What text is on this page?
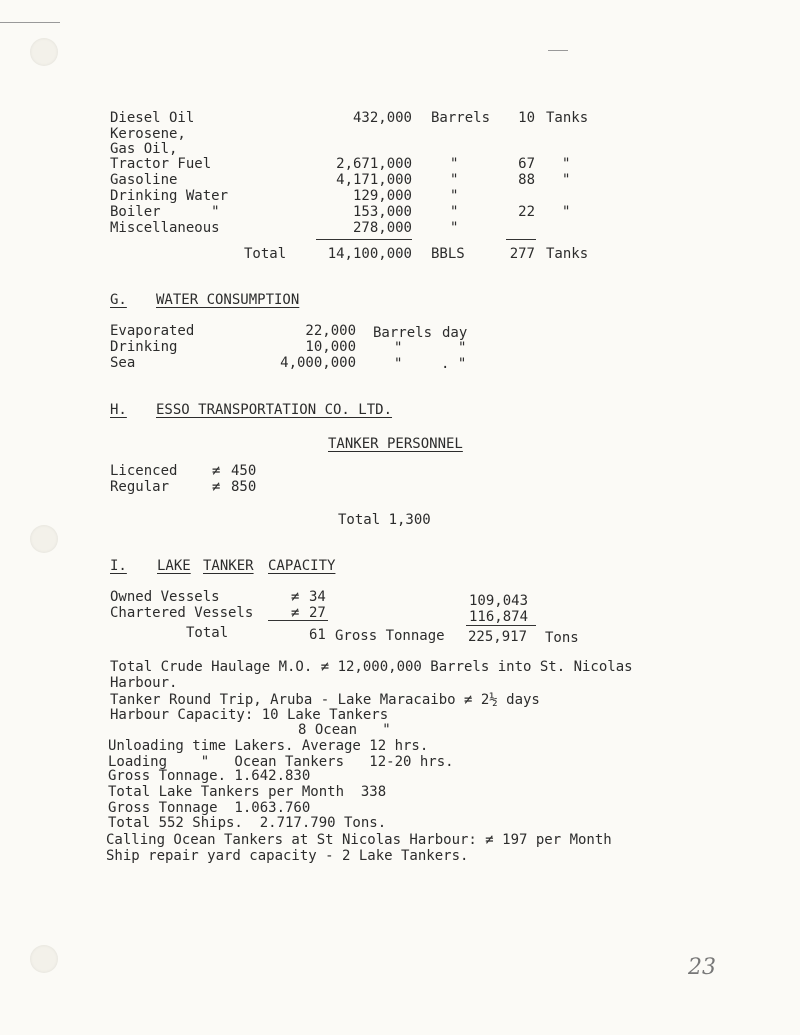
Diesel Oil	432,000 Barrels	10 Tanks
Kerosene,
Gas Oil,
Tractor Fuel	2,671,000	"	67 "
Gasoline	4,171,000	"	88 "
Drinking Water	129,000	"
Boiler      "	153,000	"	22 "
Miscellaneous	278,000	"
Total	14,100,000 BBLS	277 Tanks
G. WATER CONSUMPTION
Evaporated	22,000 Barrels day
Drinking	10,000	"	"
Sea	4,000,000	"	. "
H. ESSO TRANSPORTATION CO. LTD.
TANKER PERSONNEL
Licenced ≠ 450
Regular	≠ 850
Total 1,300
I. LAKE TANKER CAPACITY
Owned Vessels	≠ 34	109,043
Chartered Vessels	≠ 27	116,874
Total	61 Gross Tonnage 225,917 Tons
Total Crude Haulage M.O. ≠ 12,000,000 Barrels into St. Nicolas
Harbour.
Tanker Round Trip, Aruba - Lake Maracaibo ≠ 2½ days
Harbour Capacity: 10 Lake Tankers
8 Ocean   "
Unloading time Lakers. Average 12 hrs.
Loading    "   Ocean Tankers   12-20 hrs.
Gross Tonnage. 1.642.830
Total Lake Tankers per Month  338
Gross Tonnage  1.063.760
Total 552 Ships.  2.717.790 Tons.
Calling Ocean Tankers at St Nicolas Harbour: ≠ 197 per Month
Ship repair yard capacity - 2 Lake Tankers.
23
